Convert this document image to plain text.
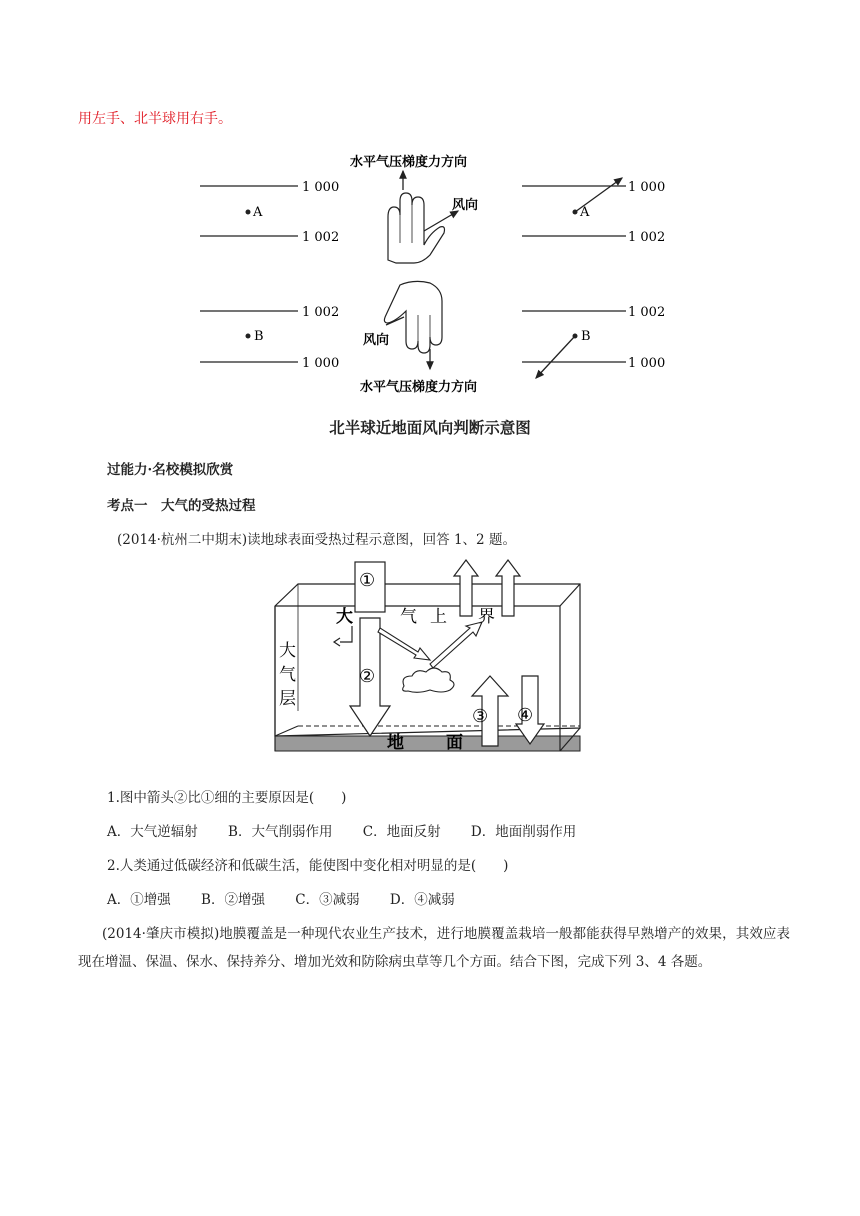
用左手、北半球用右手。
1 000
A
1 002
水平气压梯度力方向
风向
1 000
A
1 002
1 002
B
1 000
风向
水平气压梯度力方向
1 002
B
1 000
北半球近地面风向判断示意图
过能力·名校模拟欣赏
考点一　大气的受热过程
(2014·杭州二中期末)读地球表面受热过程示意图，回答 1、2 题。
①
②
③ ④
大	气 上 界
大
气
层
地 面
1.图中箭头②比①细的主要原因是(　　)
A．大气逆辐射 B．大气削弱作用 C．地面反射 D．地面削弱作用
2.人类通过低碳经济和低碳生活，能使图中变化相对明显的是(　　)
A．①增强 B．②增强 C．③减弱 D．④减弱
(2014·肇庆市模拟)地膜覆盖是一种现代农业生产技术，进行地膜覆盖栽培一般都能获得早熟增产的效果，其效应表现在增温、保温、保水、保持养分、增加光效和防除病虫草等几个方面。结合下图，完成下列 3、4 各题。
